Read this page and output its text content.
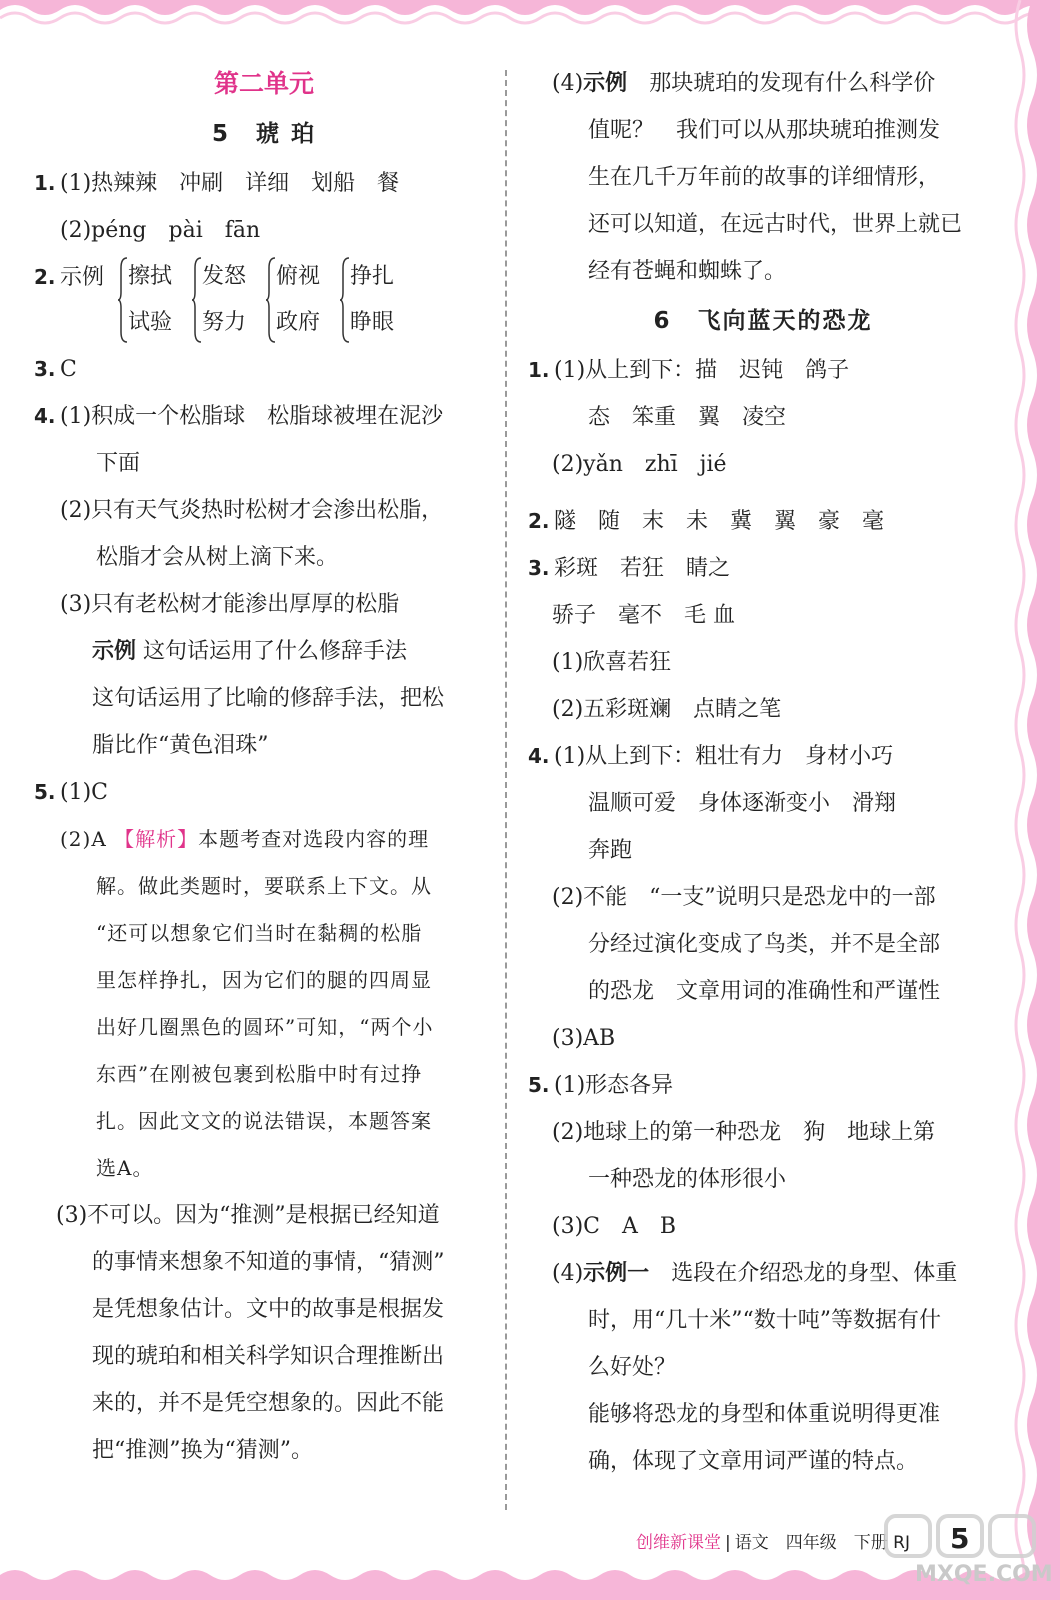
第二单元
5 琥 珀
1. (1)热辣辣　冲刷　详细　划船　餐
(2)péng　pài　fān
2. 示例 擦拭
试验
发怒
努力
俯视
政府
挣扎
睁眼
3. C
4. (1)积成一个松脂球　松脂球被埋在泥沙
下面
(2)只有天气炎热时松树才会渗出松脂，
松脂才会从树上滴下来。
(3)只有老松树才能渗出厚厚的松脂
示例 这句话运用了什么修辞手法
这句话运用了比喻的修辞手法，把松
脂比作“黄色泪珠”
5. (1)C
(2)A 【解析】本题考查对选段内容的理
解。做此类题时，要联系上下文。从
“还可以想象它们当时在黏稠的松脂
里怎样挣扎，因为它们的腿的四周显
出好几圈黑色的圆环”可知，“两个小
东西”在刚被包裹到松脂中时有过挣
扎。因此文文的说法错误，本题答案
选A。
(3)不可以。因为“推测”是根据已经知道
的事情来想象不知道的事情，“猜测”
是凭想象估计。文中的故事是根据发
现的琥珀和相关科学知识合理推断出
来的，并不是凭空想象的。因此不能
把“推测”换为“猜测”。
(4)示例　 那块琥珀的发现有什么科学价
值呢？　我们可以从那块琥珀推测发
生在几千万年前的故事的详细情形，
还可以知道，在远古时代，世界上就已
经有苍蝇和蜘蛛了。
6 飞向蓝天的恐龙
1. (1)从上到下：描　迟钝　鸽子
态　笨重　翼　凌空
(2)yǎn　zhī　jié
2. 隧　随　末　未　冀　翼　豪　毫
3. 彩斑　若狂　睛之
骄子　毫不　毛 血
(1)欣喜若狂
(2)五彩斑斓　点睛之笔
4. (1)从上到下：粗壮有力　身材小巧
温顺可爱　身体逐渐变小　滑翔
奔跑
(2)不能　“一支”说明只是恐龙中的一部
分经过演化变成了鸟类，并不是全部
的恐龙　文章用词的准确性和严谨性
(3)AB
5. (1)形态各异
(2)地球上的第一种恐龙　狗　地球上第
一种恐龙的体形很小
(3)C　A　B
(4)示例一　 选段在介绍恐龙的身型、体重
时，用“几十米”“数十吨”等数据有什
么好处？
能够将恐龙的身型和体重说明得更准
确，体现了文章用词严谨的特点。
创维新课堂 | 语文　 四年级　 下册 RJ 5
MXQE.COM
